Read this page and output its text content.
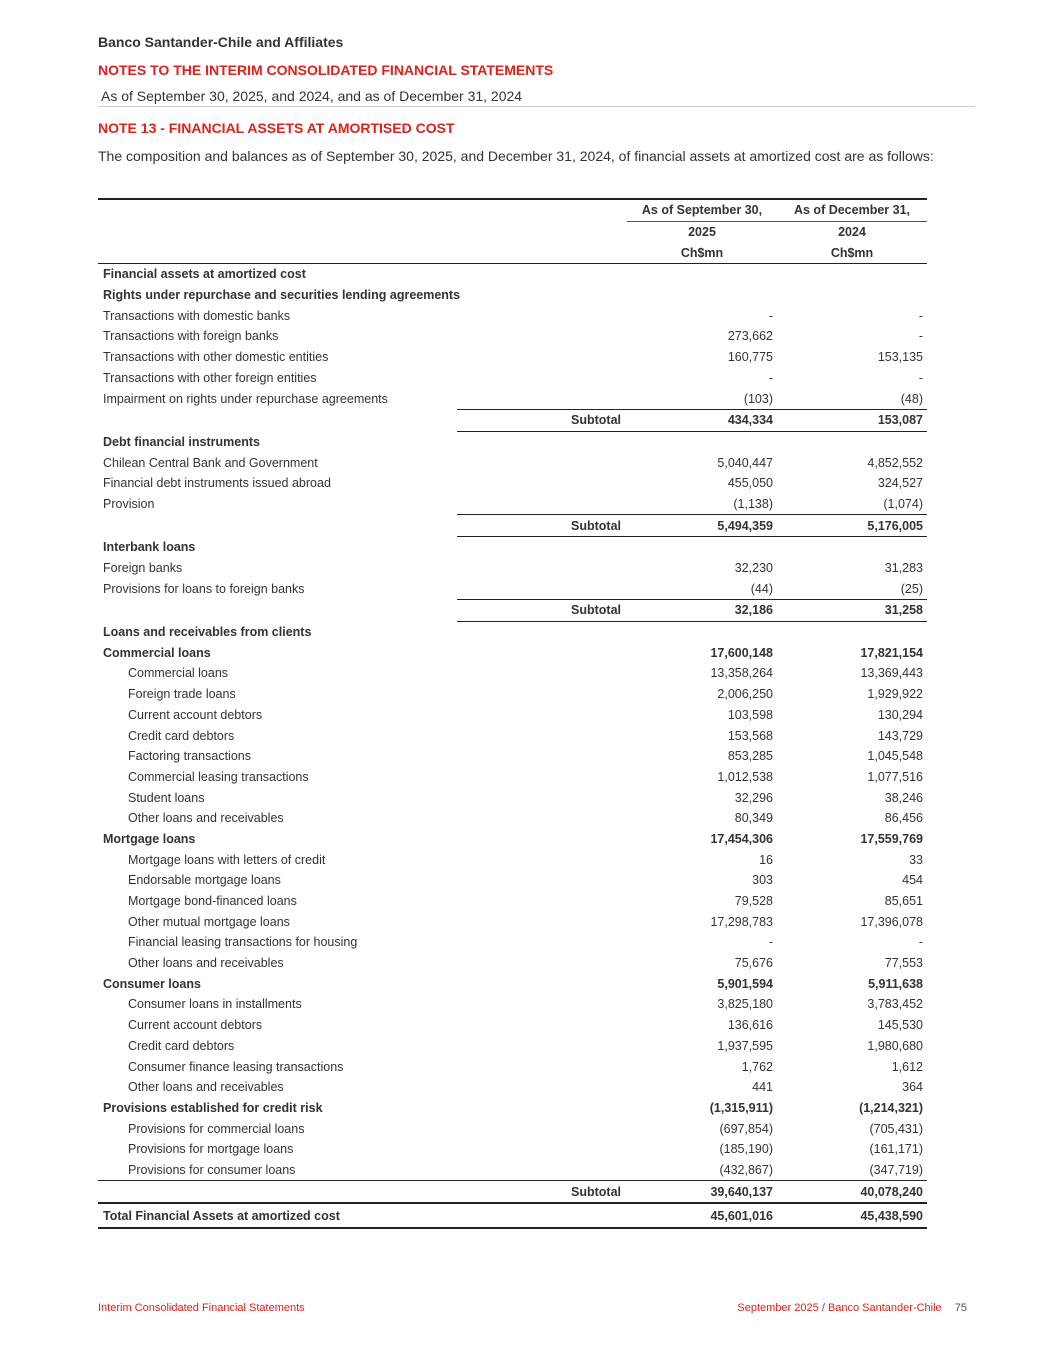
Banco Santander-Chile and Affiliates
NOTES TO THE INTERIM CONSOLIDATED FINANCIAL STATEMENTS
As of September 30, 2025, and 2024, and as of December 31, 2024
NOTE 13 - FINANCIAL ASSETS AT AMORTISED COST
The composition and balances as of September 30, 2025, and December 31, 2024, of financial assets at amortized cost are as follows:
		As of September 30,	As of December 31,
		2025	2024
		Ch$mn	Ch$mn
Financial assets at amortized cost			
Rights under repurchase and securities lending agreements			
Transactions with domestic banks		-	-
Transactions with foreign banks		273,662	-
Transactions with other domestic entities		160,775	153,135
Transactions with other foreign entities		-	-
Impairment on rights under repurchase agreements		(103)	(48)
	Subtotal	434,334	153,087
Debt financial instruments			
Chilean Central Bank and Government		5,040,447	4,852,552
Financial debt instruments issued abroad		455,050	324,527
Provision		(1,138)	(1,074)
	Subtotal	5,494,359	5,176,005
Interbank loans			
Foreign banks		32,230	31,283
Provisions for loans to foreign banks		(44)	(25)
	Subtotal	32,186	31,258
Loans and receivables from clients			
Commercial loans		17,600,148	17,821,154
Commercial loans		13,358,264	13,369,443
Foreign trade loans		2,006,250	1,929,922
Current account debtors		103,598	130,294
Credit card debtors		153,568	143,729
Factoring transactions		853,285	1,045,548
Commercial leasing transactions		1,012,538	1,077,516
Student loans		32,296	38,246
Other loans and receivables		80,349	86,456
Mortgage loans		17,454,306	17,559,769
Mortgage loans with letters of credit		16	33
Endorsable mortgage loans		303	454
Mortgage bond-financed loans		79,528	85,651
Other mutual mortgage loans		17,298,783	17,396,078
Financial leasing transactions for housing		-	-
Other loans and receivables		75,676	77,553
Consumer loans		5,901,594	5,911,638
Consumer loans in installments		3,825,180	3,783,452
Current account debtors		136,616	145,530
Credit card debtors		1,937,595	1,980,680
Consumer finance leasing transactions		1,762	1,612
Other loans and receivables		441	364
Provisions established for credit risk		(1,315,911)	(1,214,321)
Provisions for commercial loans		(697,854)	(705,431)
Provisions for mortgage loans		(185,190)	(161,171)
Provisions for consumer loans		(432,867)	(347,719)
	Subtotal	39,640,137	40,078,240
Total Financial Assets at amortized cost		45,601,016	45,438,590
Interim Consolidated Financial Statements	September 2025 / Banco Santander-Chile 75
